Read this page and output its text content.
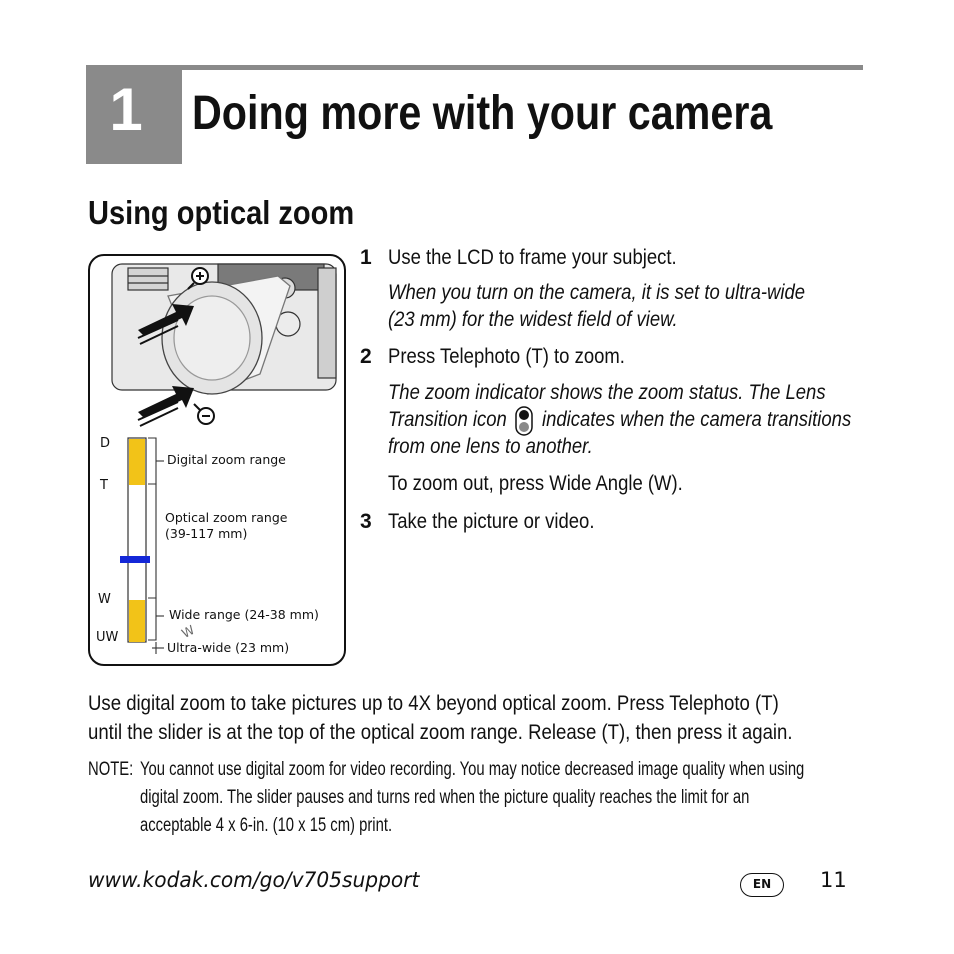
1	Doing more with your camera
Using optical zoom
W
D
T
W
UW
Digital zoom range
Optical zoom range
(39-117 mm)
Wide range (24-38 mm)
Ultra-wide (23 mm)
1 Use the LCD to frame your subject.
When you turn on the camera, it is set to ultra-wide
(23 mm) for the widest field of view.
2 Press Telephoto (T) to zoom.
The zoom indicator shows the zoom status. The Lens
Transition icon indicates when the camera transitions
from one lens to another.
To zoom out, press Wide Angle (W).
3 Take the picture or video.
Use digital zoom to take pictures up to 4X beyond optical zoom. Press Telephoto (T)
until the slider is at the top of the optical zoom range. Release (T), then press it again.
NOTE: You cannot use digital zoom for video recording. You may notice decreased image quality when using
digital zoom. The slider pauses and turns red when the picture quality reaches the limit for an
acceptable 4 x 6-in. (10 x 15 cm) print.
www.kodak.com/go/v705support	EN	11
